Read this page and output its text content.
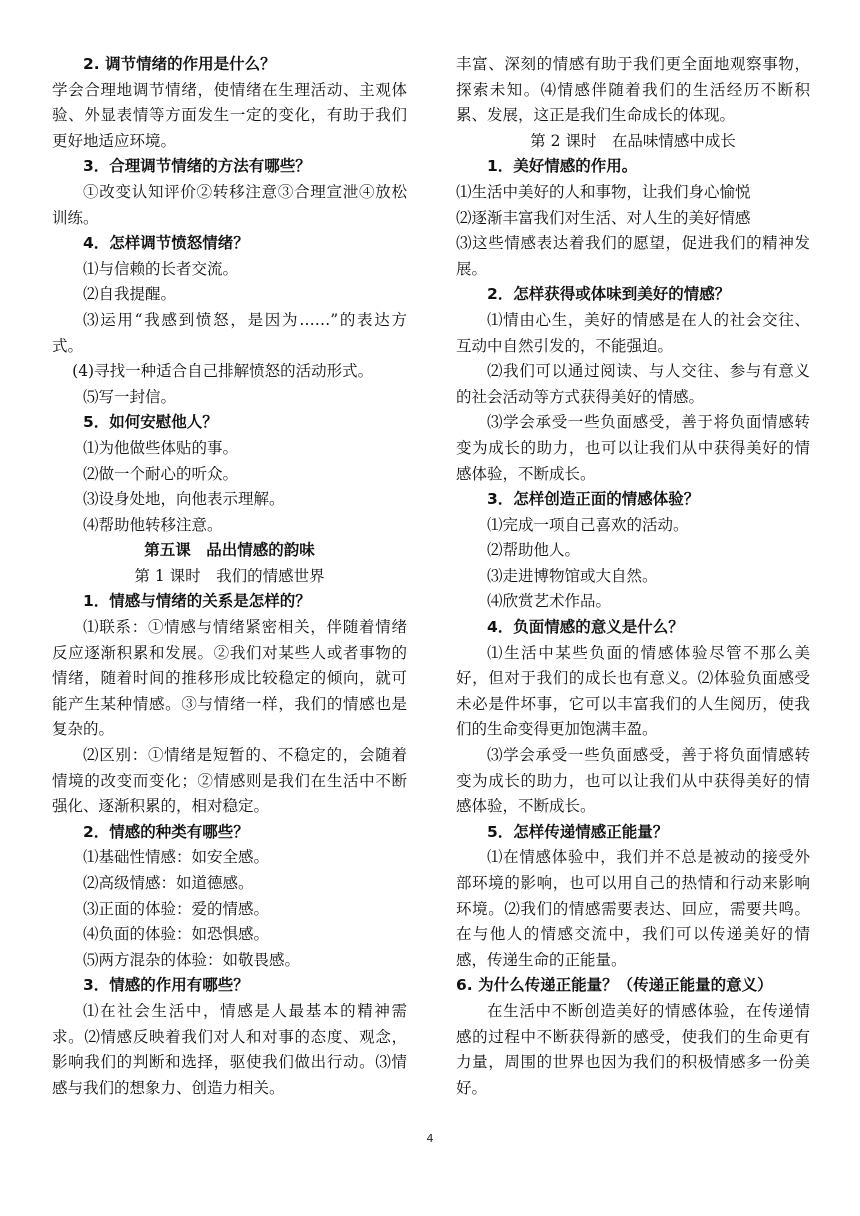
2. 调节情绪的作用是什么？

学会合理地调节情绪，使情绪在生理活动、主观体验、外显表情等方面发生一定的变化，有助于我们更好地适应环境。

3．合理调节情绪的方法有哪些？

①改变认知评价②转移注意③合理宣泄④放松训练。

4．怎样调节愤怒情绪？

⑴与信赖的长者交流。

⑵自我提醒。

⑶运用“我感到愤怒，是因为……”的表达方式。

(4)寻找一种适合自己排解愤怒的活动形式。

⑸写一封信。

5．如何安慰他人？

⑴为他做些体贴的事。

⑵做一个耐心的听众。

⑶设身处地，向他表示理解。

⑷帮助他转移注意。

第五课　品出情感的韵味

第 1 课时　我们的情感世界

1．情感与情绪的关系是怎样的？

⑴联系：①情感与情绪紧密相关，伴随着情绪反应逐渐积累和发展。②我们对某些人或者事物的情绪，随着时间的推移形成比较稳定的倾向，就可能产生某种情感。③与情绪一样，我们的情感也是复杂的。

⑵区别：①情绪是短暂的、不稳定的，会随着情境的改变而变化；②情感则是我们在生活中不断强化、逐渐积累的，相对稳定。

2．情感的种类有哪些？

⑴基础性情感：如安全感。

⑵高级情感：如道德感。

⑶正面的体验：爱的情感。

⑷负面的体验：如恐惧感。

⑸两方混杂的体验：如敬畏感。

3．情感的作用有哪些？

⑴在社会生活中，情感是人最基本的精神需求。⑵情感反映着我们对人和对事的态度、观念，影响我们的判断和选择，驱使我们做出行动。⑶情感与我们的想象力、创造力相关。

丰富、深刻的情感有助于我们更全面地观察事物，探索未知。⑷情感伴随着我们的生活经历不断积累、发展，这正是我们生命成长的体现。

第 2 课时　在品味情感中成长

1．美好情感的作用。

⑴生活中美好的人和事物，让我们身心愉悦

⑵逐渐丰富我们对生活、对人生的美好情感

⑶这些情感表达着我们的愿望，促进我们的精神发展。

2．怎样获得或体味到美好的情感？

⑴情由心生，美好的情感是在人的社会交往、互动中自然引发的，不能强迫。

⑵我们可以通过阅读、与人交往、参与有意义的社会活动等方式获得美好的情感。

⑶学会承受一些负面感受，善于将负面情感转变为成长的助力，也可以让我们从中获得美好的情感体验，不断成长。

3．怎样创造正面的情感体验？

⑴完成一项自己喜欢的活动。

⑵帮助他人。

⑶走进博物馆或大自然。

⑷欣赏艺术作品。

4．负面情感的意义是什么？

⑴生活中某些负面的情感体验尽管不那么美好，但对于我们的成长也有意义。⑵体验负面感受未必是件坏事，它可以丰富我们的人生阅历，使我们的生命变得更加饱满丰盈。

⑶学会承受一些负面感受，善于将负面情感转变为成长的助力，也可以让我们从中获得美好的情感体验，不断成长。

5．怎样传递情感正能量？

⑴在情感体验中，我们并不总是被动的接受外部环境的影响，也可以用自己的热情和行动来影响环境。⑵我们的情感需要表达、回应，需要共鸣。在与他人的情感交流中，我们可以传递美好的情感，传递生命的正能量。

6. 为什么传递正能量？（传递正能量的意义）

在生活中不断创造美好的情感体验，在传递情感的过程中不断获得新的感受，使我们的生命更有力量，周围的世界也因为我们的积极情感多一份美好。

4
